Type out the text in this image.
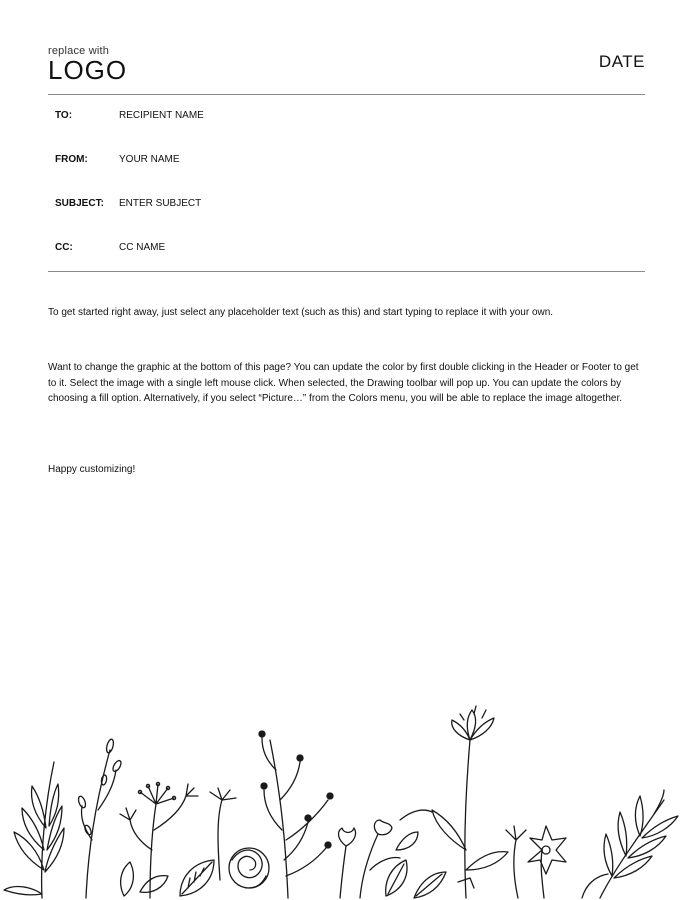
replace with
LOGO	DATE
TO:	RECIPIENT NAME
FROM:	YOUR NAME
SUBJECT: ENTER SUBJECT
CC:	CC NAME
To get started right away, just select any placeholder text (such as this) and start typing to replace it with your own.
Want to change the graphic at the bottom of this page? You can update the color by first double clicking in the Header or Footer to get to it. Select the image with a single left mouse click. When selected, the Drawing toolbar will pop up. You can update the colors by choosing a fill option. Alternatively, if you select “Picture…” from the Colors menu, you will be able to replace the image altogether.
Happy customizing!
